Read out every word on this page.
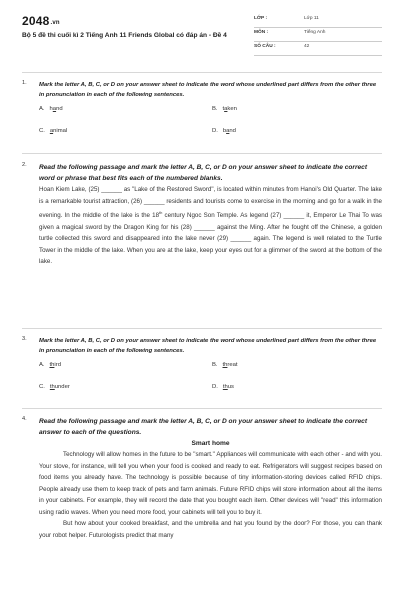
2048.vn
Bộ 5 đề thi cuối kì 2 Tiếng Anh 11 Friends Global có đáp án - Đề 4
LỚP :	Lớp 11
MÔN :	Tiếng Anh
SỐ CÂU :	42
1. Mark the letter A, B, C, or D on your answer sheet to indicate the word whose underlined part differs from the other three in pronunciation in each of the following sentences.
A. hand	B. taken
C. animal	D. band
2. Read the following passage and mark the letter A, B, C, or D on your answer sheet to indicate the correct word or phrase that best fits each of the numbered blanks.
Hoan Kiem Lake, (25) ______ as "Lake of the Restored Sword", is located within minutes from Hanoi's Old Quarter. The lake is a remarkable tourist attraction, (26) ______ residents and tourists come to exercise in the morning and go for a walk in the evening. In the middle of the lake is the 18th century Ngoc Son Temple. As legend (27) ______ it, Emperor Le Thai To was given a magical sword by the Dragon King for his (28) ______ against the Ming. After he fought off the Chinese, a golden turtle collected this sword and disappeared into the lake never (29) ______ again. The legend is well related to the Turtle Tower in the middle of the lake. When you are at the lake, keep your eyes out for a glimmer of the sword at the bottom of the lake.
3. Mark the letter A, B, C, or D on your answer sheet to indicate the word whose underlined part differs from the other three in pronunciation in each of the following sentences.
A. third	B. threat
C. thunder	D. thus
4. Read the following passage and mark the letter A, B, C, or D on your answer sheet to indicate the correct answer to each of the questions.
Smart home

Technology will allow homes in the future to be "smart." Appliances will communicate with each other - and with you. Your stove, for instance, will tell you when your food is cooked and ready to eat. Refrigerators will suggest recipes based on food items you already have. The technology is possible because of tiny information-storing devices called RFID chips. People already use them to keep track of pets and farm animals. Future RFID chips will store information about all the items in your cabinets. For example, they will record the date that you bought each item. Other devices will "read" this information using radio waves. When you need more food, your cabinets will tell you to buy it.

But how about your cooked breakfast, and the umbrella and hat you found by the door? For those, you can thank your robot helper. Futurologists predict that many
